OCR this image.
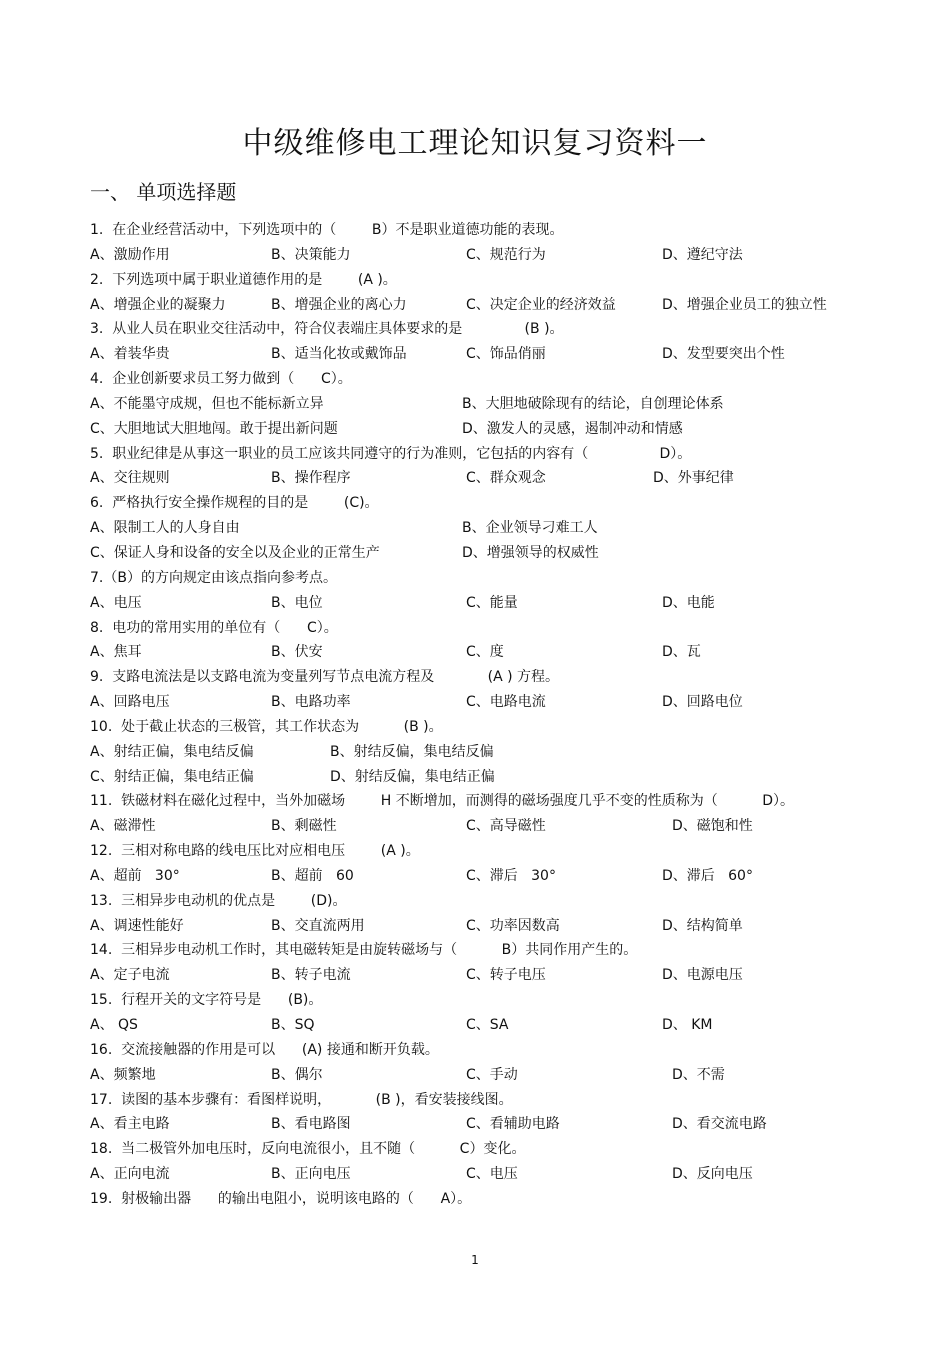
中级维修电工理论知识复习资料一
一、 单项选择题
1.  在企业经营活动中，下列选项中的（        B）不是职业道德功能的表现。
A、激励作用	B、决策能力	C、规范行为	D、遵纪守法
2.  下列选项中属于职业道德作用的是        (A )。
A、增强企业的凝聚力	B、增强企业的离心力	C、决定企业的经济效益	D、增强企业员工的独立性
3.  从业人员在职业交往活动中，符合仪表端庄具体要求的是              (B )。
A、着装华贵	B、适当化妆或戴饰品	C、饰品俏丽	D、发型要突出个性
4.  企业创新要求员工努力做到（      C）。
A、不能墨守成规，但也不能标新立异	B、大胆地破除现有的结论，自创理论体系
C、大胆地试大胆地闯。敢于提出新问题	D、激发人的灵感，遏制冲动和情感
5.  职业纪律是从事这一职业的员工应该共同遵守的行为准则，它包括的内容有（                D）。
A、交往规则	B、操作程序	C、群众观念	D、外事纪律
6.  严格执行安全操作规程的目的是        (C)。
A、限制工人的人身自由	B、企业领导刁难工人
C、保证人身和设备的安全以及企业的正常生产	D、增强领导的权威性
7.（B）的方向规定由该点指向参考点。
A、电压	B、电位	C、能量	D、电能
8.  电功的常用实用的单位有（      C）。
A、焦耳	B、伏安	C、度	D、瓦
9.  支路电流法是以支路电流为变量列写节点电流方程及            (A ) 方程。
A、回路电压	B、电路功率	C、电路电流	D、回路电位
10.  处于截止状态的三极管，其工作状态为          (B )。
A、射结正偏，集电结反偏	B、射结反偏，集电结反偏
C、射结正偏，集电结正偏	D、射结反偏，集电结正偏
11.  铁磁材料在磁化过程中，当外加磁场        H 不断增加，而测得的磁场强度几乎不变的性质称为（          D）。
A、磁滞性	B、剩磁性	C、高导磁性	D、磁饱和性
12.  三相对称电路的线电压比对应相电压        (A )。
A、超前   30°	B、超前   60	C、滞后   30°	D、滞后   60°
13.  三相异步电动机的优点是        (D)。
A、调速性能好	B、交直流两用	C、功率因数高	D、结构简单
14.  三相异步电动机工作时，其电磁转矩是由旋转磁场与（          B）共同作用产生的。
A、定子电流	B、转子电流	C、转子电压	D、电源电压
15.  行程开关的文字符号是      (B)。
A、 QS	B、SQ	C、SA	D、 KM
16.  交流接触器的作用是可以      (A) 接通和断开负载。
A、频繁地	B、偶尔	C、手动	D、不需
17.  读图的基本步骤有：看图样说明，          (B )，看安装接线图。
A、看主电路	B、看电路图	C、看辅助电路	D、看交流电路
18.  当二极管外加电压时，反向电流很小，且不随（          C）变化。
A、正向电流	B、正向电压	C、电压	D、反向电压
19.  射极输出器      的输出电阻小，说明该电路的（      A）。
1
